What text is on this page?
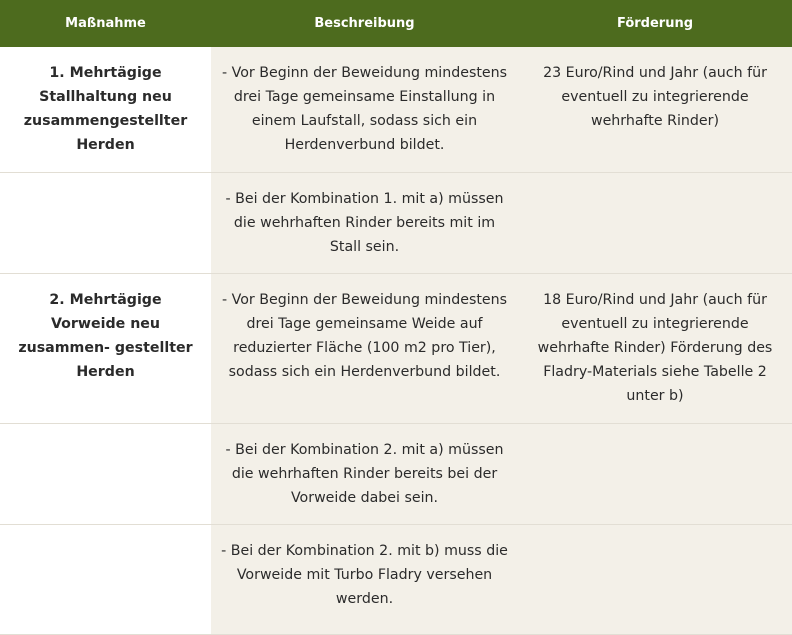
Maßnahme	Beschreibung	Förderung

1. Mehrtägige Stallhaltung neu zusammengestellter Herden	- Vor Beginn der Beweidung mindestens drei Tage gemeinsame Einstallung in einem Laufstall, sodass sich ein Herdenverbund bildet.	23 Euro/Rind und Jahr (auch für eventuell zu integrierende wehrhafte Rinder)

	- Bei der Kombination 1. mit a) müssen die wehrhaften Rinder bereits mit im Stall sein.	

2. Mehrtägige Vorweide neu zusammen- gestellter Herden	- Vor Beginn der Beweidung mindestens drei Tage gemeinsame Weide auf reduzierter Fläche (100 m2 pro Tier), sodass sich ein Herdenverbund bildet.	18 Euro/Rind und Jahr (auch für eventuell zu integrierende wehrhafte Rinder) Förderung des Fladry-Materials siehe Tabelle 2 unter b)

	- Bei der Kombination 2. mit a) müssen die wehrhaften Rinder bereits bei der Vorweide dabei sein.	

	- Bei der Kombination 2. mit b) muss die Vorweide mit Turbo Fladry versehen werden.	
